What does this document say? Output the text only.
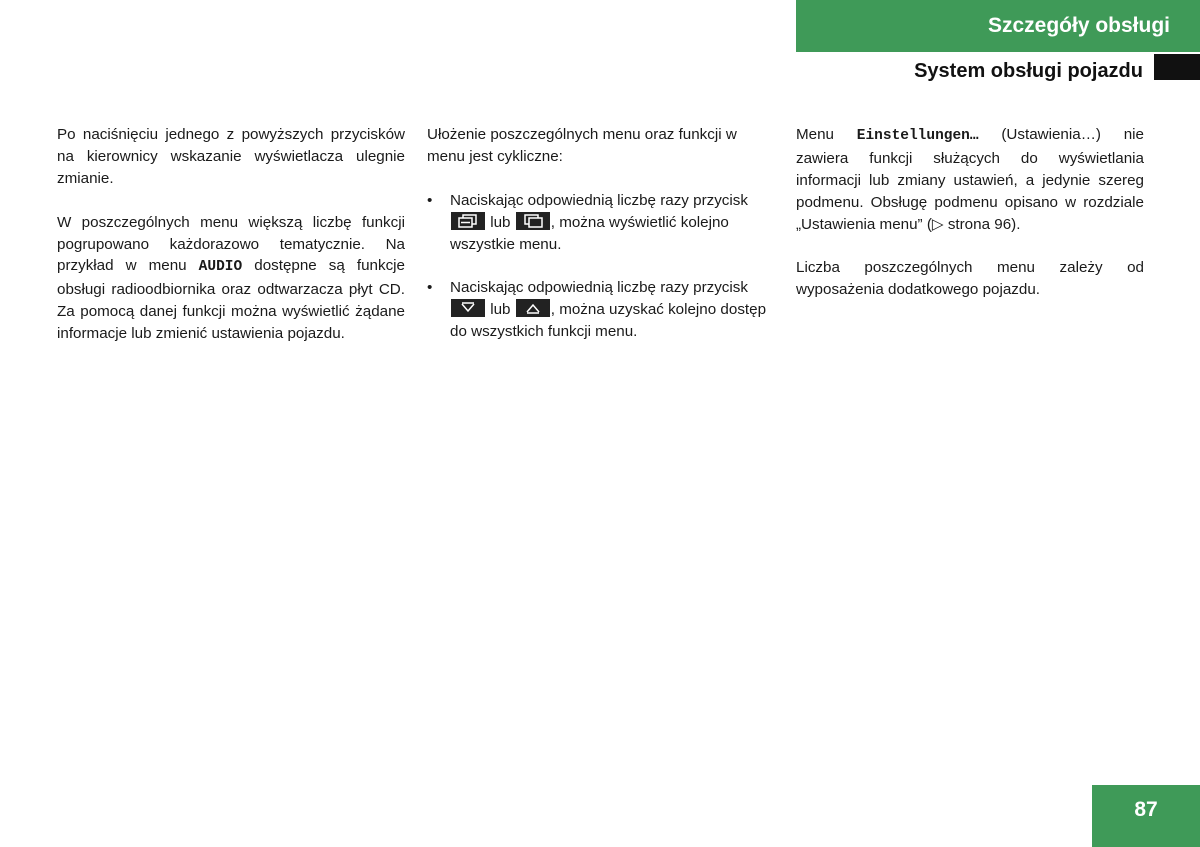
Szczegóły obsługi
System obsługi pojazdu

Po naciśnięciu jednego z powyższych przycisków na kierownicy wskazanie wyświetlacza ulegnie zmianie.

W poszczególnych menu większą liczbę funkcji pogrupowano każdorazowo tematycznie. Na przykład w menu AUDIO dostępne są funkcje obsługi radioodbiornika oraz odtwarzacza płyt CD. Za pomocą danej funkcji można wyświetlić żądane informacje lub zmienić ustawienia pojazdu.

Ułożenie poszczególnych menu oraz funkcji w menu jest cykliczne:

• Naciskając odpowiednią liczbę razy przycisk
lub	, można wyświetlić kolejno wszystkie menu.
• Naciskając odpowiednią liczbę razy przycisk
lub	, można uzyskać kolejno dostęp do wszystkich funkcji menu.

Menu Einstellungen… (Ustawienia…) nie zawiera funkcji służących do wyświetlania informacji lub zmiany ustawień, a jedynie szereg podmenu. Obsługę podmenu opisano w rozdziale „Ustawienia menu” (▷ strona 96).

Liczba poszczególnych menu zależy od wyposażenia dodatkowego pojazdu.

87
